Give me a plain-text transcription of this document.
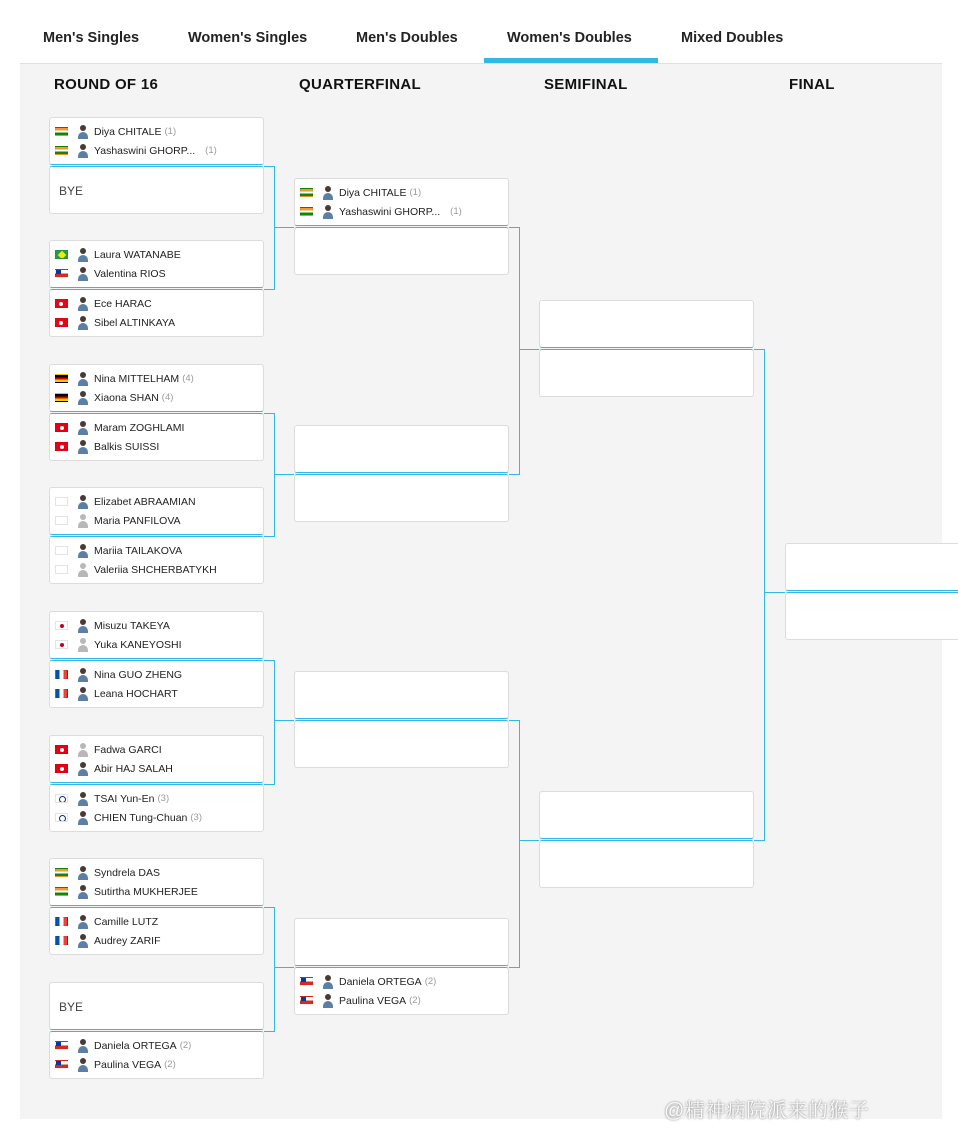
Men's Singles	Women's Singles	Men's Doubles	Women's Doubles	Mixed Doubles
ROUND OF 16	QUARTERFINAL	SEMIFINAL	FINAL
Diya CHITALE (1)
Yashaswini GHORP... (1)
BYE
Laura WATANABE
Valentina RIOS
Ece HARAC
Sibel ALTINKAYA
Nina MITTELHAM (4)
Xiaona SHAN (4)
Maram ZOGHLAMI
Balkis SUISSI
Elizabet ABRAAMIAN
Maria PANFILOVA
Mariia TAILAKOVA
Valeriia SHCHERBATYKH
Misuzu TAKEYA
Yuka KANEYOSHI
Nina GUO ZHENG
Leana HOCHART
Fadwa GARCI
Abir HAJ SALAH
TSAI Yun-En (3)
CHIEN Tung-Chuan (3)
Syndrela DAS
Sutirtha MUKHERJEE
Camille LUTZ
Audrey ZARIF
BYE
Daniela ORTEGA (2)
Paulina VEGA (2)
Diya CHITALE (1)
Yashaswini GHORP... (1)
Daniela ORTEGA (2)
Paulina VEGA (2)
@精神病院派来的猴子
